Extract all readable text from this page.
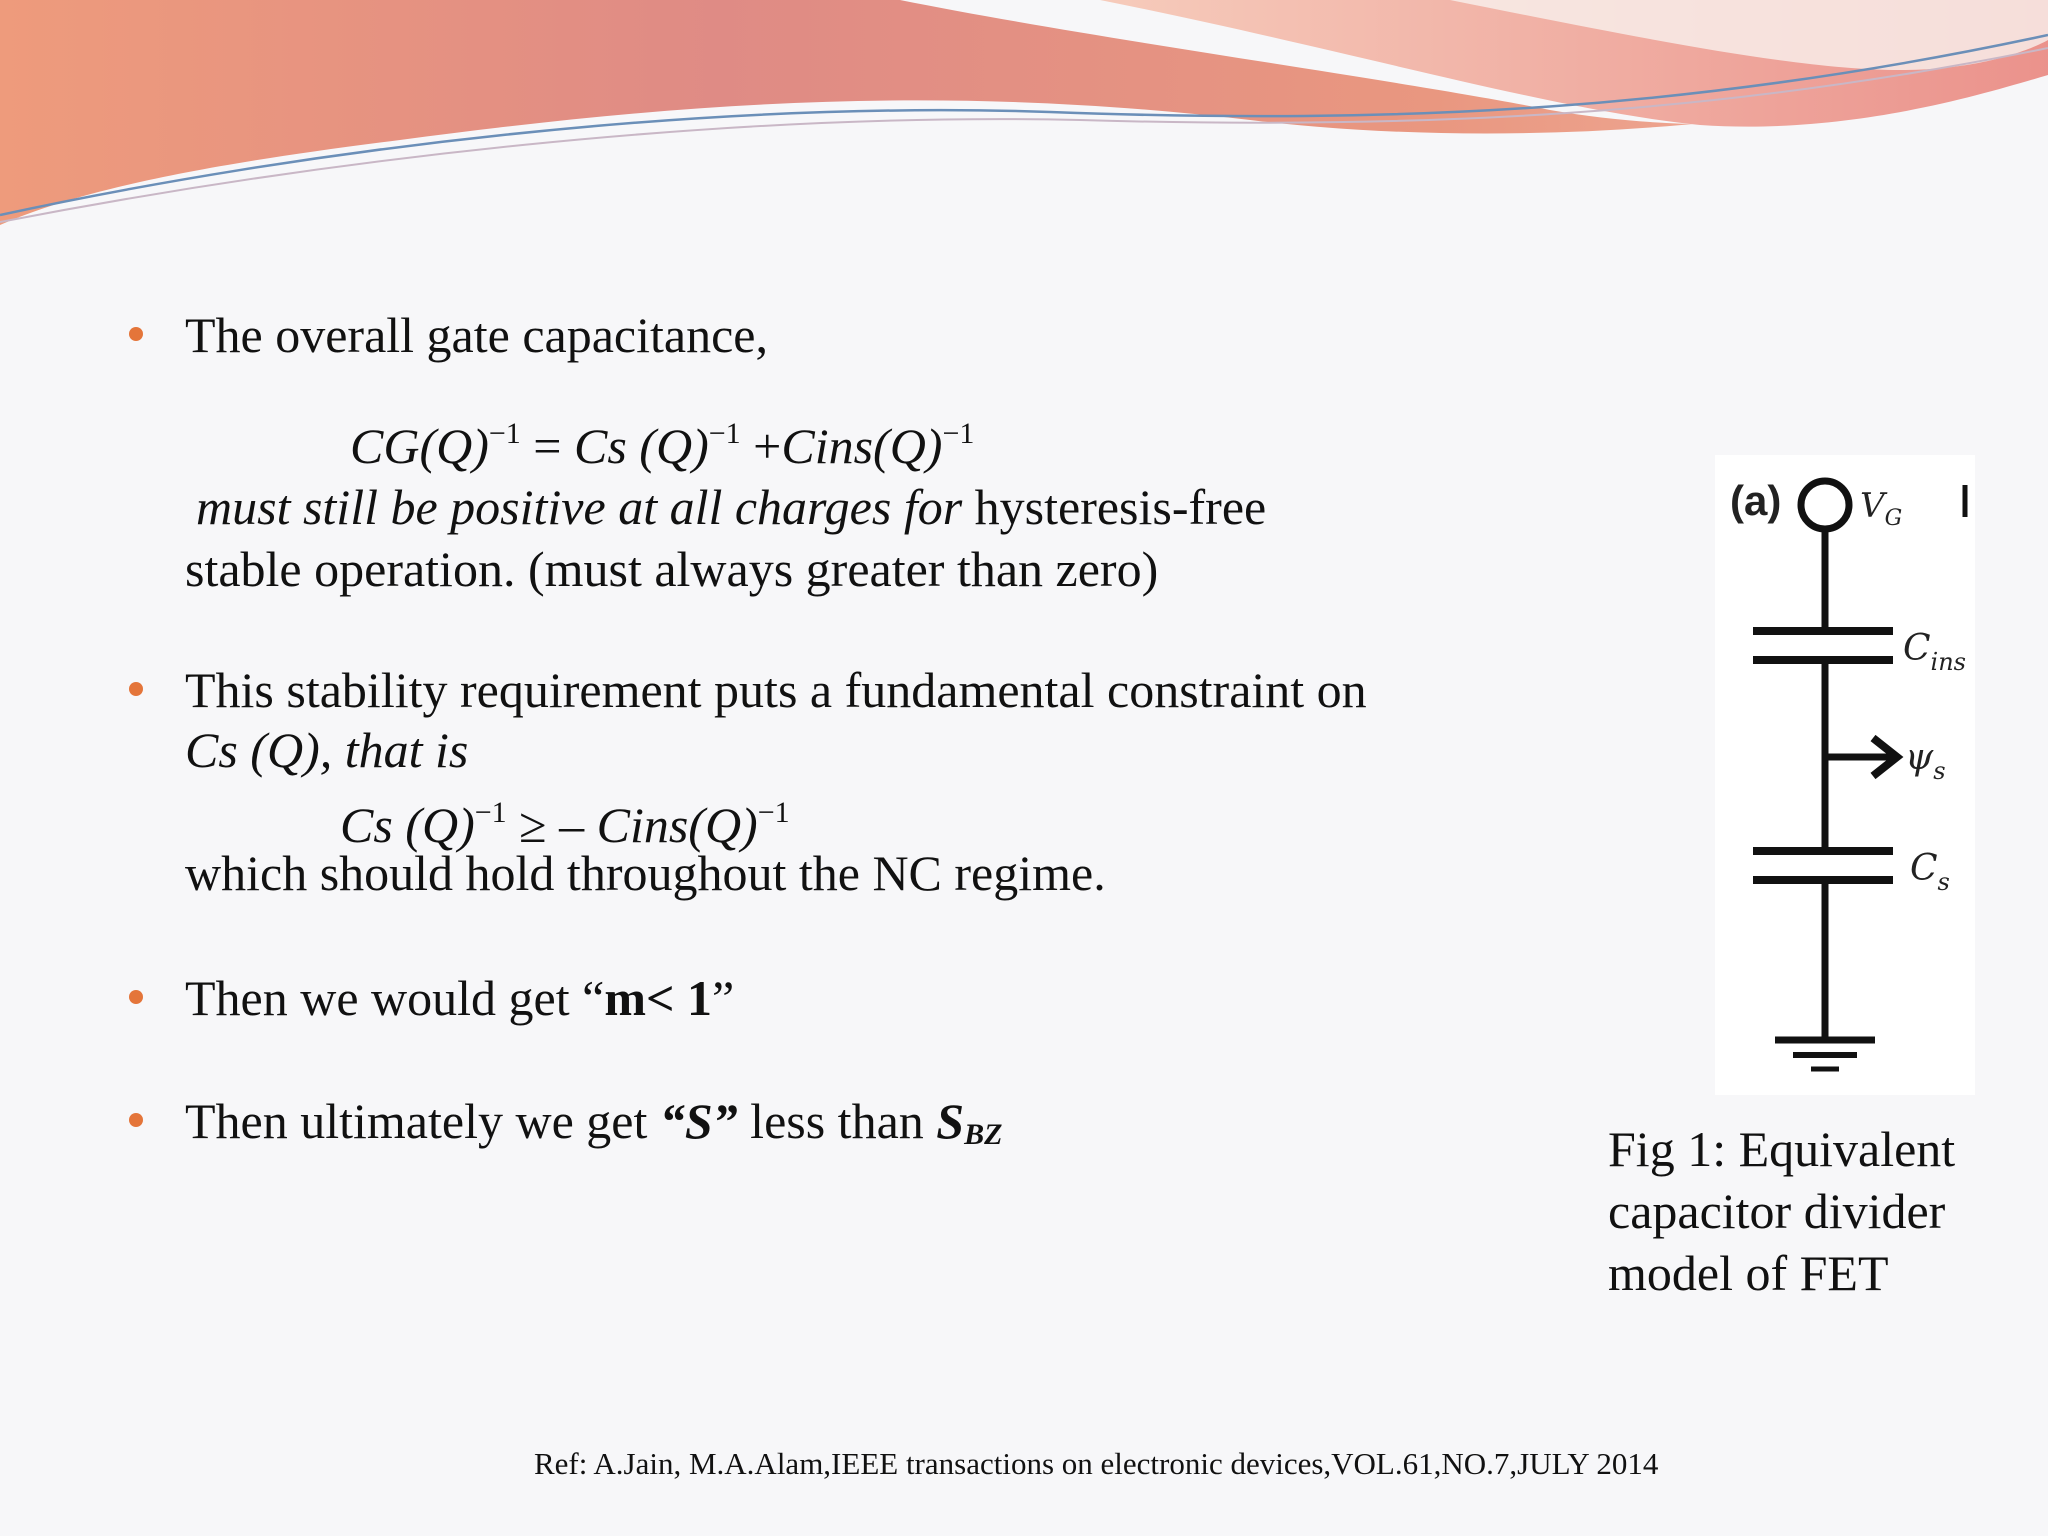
The overall gate capacitance,
$CG(Q)^{-1} = Cs$ $(Q)^{-1}$ $+Cins(Q)^{-1}$
must still be positive at all charges for hysteresis-free
stable operation. (must always greater than zero)
This stability requirement puts a fundamental constraint on
Cs (Q), that is
Cs $(Q)^{-1}$ ≥ – $Cins(Q)^{-1}$
which should hold throughout the NC regime.
Then we would get “m< 1”
Then ultimately we get “S” less than $S_{BZ}$
(a) $V_G$
$C_{ins}$
$\psi_s$
$C_s$
Fig 1: Equivalent
capacitor divider
model of FET
Ref: A.Jain, M.A.Alam,IEEE transactions on electronic devices,VOL.61,NO.7,JULY 2014
